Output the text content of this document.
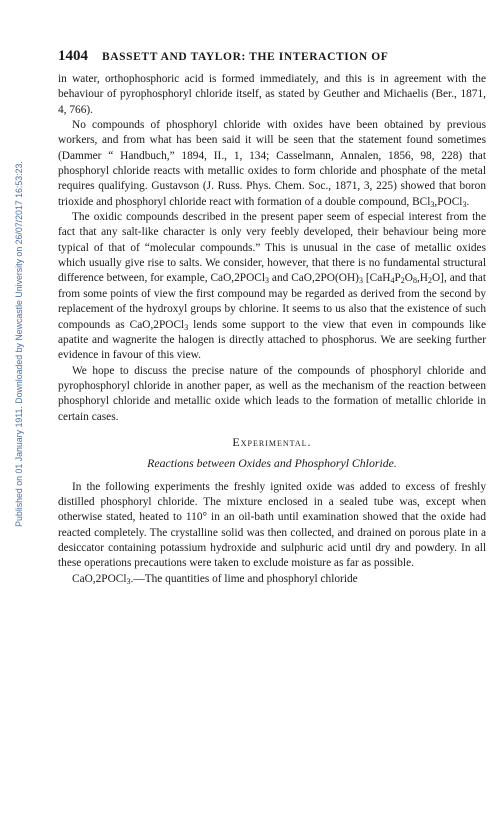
Published on 01 January 1911. Downloaded by Newcastle University on 26/07/2017 16:53:23.
1404 BASSETT AND TAYLOR: THE INTERACTION OF

in water, orthophosphoric acid is formed immediately, and this is in agreement with the behaviour of pyrophosphoryl chloride itself, as stated by Geuther and Michaelis (Ber., 1871, 4, 766).

No compounds of phosphoryl chloride with oxides have been obtained by previous workers, and from what has been said it will be seen that the statement found sometimes (Dammer “ Handbuch,” 1894, II., 1, 134; Casselmann, Annalen, 1856, 98, 228) that phosphoryl chloride reacts with metallic oxides to form chloride and phosphate of the metal requires qualifying. Gustavson (J. Russ. Phys. Chem. Soc., 1871, 3, 225) showed that boron trioxide and phosphoryl chloride react with formation of a double compound, BCl$_3$,POCl$_3$.

The oxidic compounds described in the present paper seem of especial interest from the fact that any salt-like character is only very feebly developed, their behaviour being more typical of that of “molecular compounds.” This is unusual in the case of metallic oxides which usually give rise to salts. We consider, however, that there is no fundamental structural difference between, for example, CaO,2POCl$_3$ and $CaO,2PO(OH)_3$ $[CaH_4P_2O_8,H_2O]$, and that from some points of view the first compound may be regarded as derived from the second by replacement of the hydroxyl groups by chlorine. It seems to us also that the existence of such compounds as CaO,2POCl$_3$ lends some support to the view that even in compounds like apatite and wagnerite the halogen is directly attached to phosphorus. We are seeking further evidence in favour of this view.

We hope to discuss the precise nature of the compounds of phosphoryl chloride and pyrophosphoryl chloride in another paper, as well as the mechanism of the reaction between phosphoryl chloride and metallic oxide which leads to the formation of metallic chloride in certain cases.

Experimental.
Reactions between Oxides and Phosphoryl Chloride.

In the following experiments the freshly ignited oxide was added to excess of freshly distilled phosphoryl chloride. The mixture enclosed in a sealed tube was, except when otherwise stated, heated to 110° in an oil-bath until examination showed that the oxide had reacted completely. The crystalline solid was then collected, and drained on porous plate in a desiccator containing potassium hydroxide and sulphuric acid until dry and powdery. In all these operations precautions were taken to exclude moisture as far as possible.

CaO,2POCl$_3$.—The quantities of lime and phosphoryl chloride
